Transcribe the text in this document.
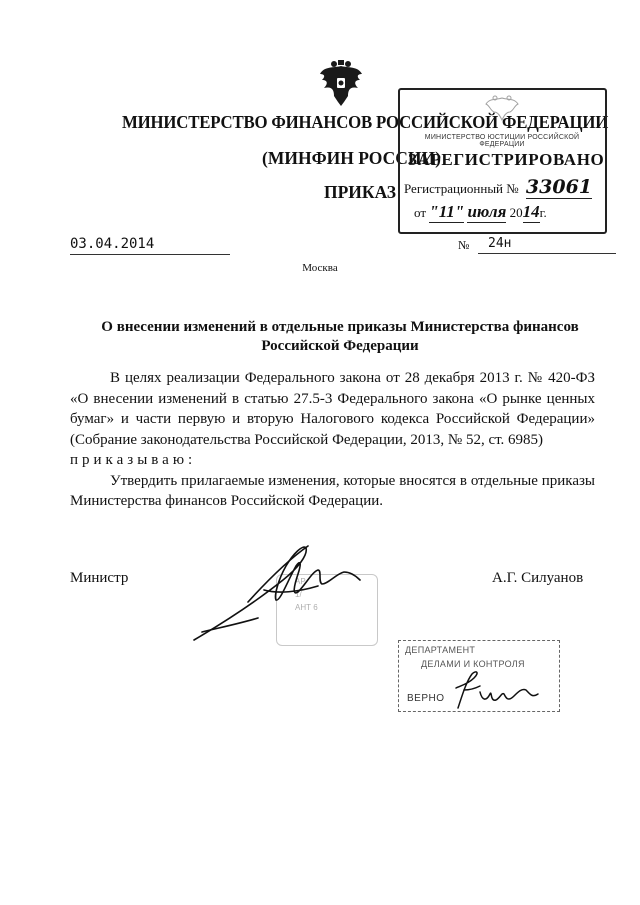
МИНИСТЕРСТВО ФИНАНСОВ РОССИЙСКОЙ ФЕДЕРАЦИИ
(МИНФИН РОССИИ)
ПРИКАЗ
МИНИСТЕРСТВО ЮСТИЦИИ РОССИЙСКОЙ ФЕДЕРАЦИИ
ЗАРЕГИСТРИРОВАНО
Регистрационный № 33061
от "11" июля 2014г.
03.04.2014	№	24н
Москва
О внесении изменений в отдельные приказы Министерства финансов
Российской Федерации

В целях реализации Федерального закона от 28 декабря 2013 г. № 420-ФЗ «О внесении изменений в статью 27.5-3 Федерального закона «О рынке ценных бумаг» и части первую и вторую Налогового кодекса Российской Федерации» (Собрание законодательства Российской Федерации, 2013, № 52, ст. 6985)

приказываю:

Утвердить прилагаемые изменения, которые вносятся в отдельные приказы Министерства финансов Российской Федерации.

Министр	АР
1/
АНТ 6
А.Г. Силуанов
ДЕПАРТАМЕНТ
ДЕЛАМИ И КОНТРОЛЯ
ВЕРНО
